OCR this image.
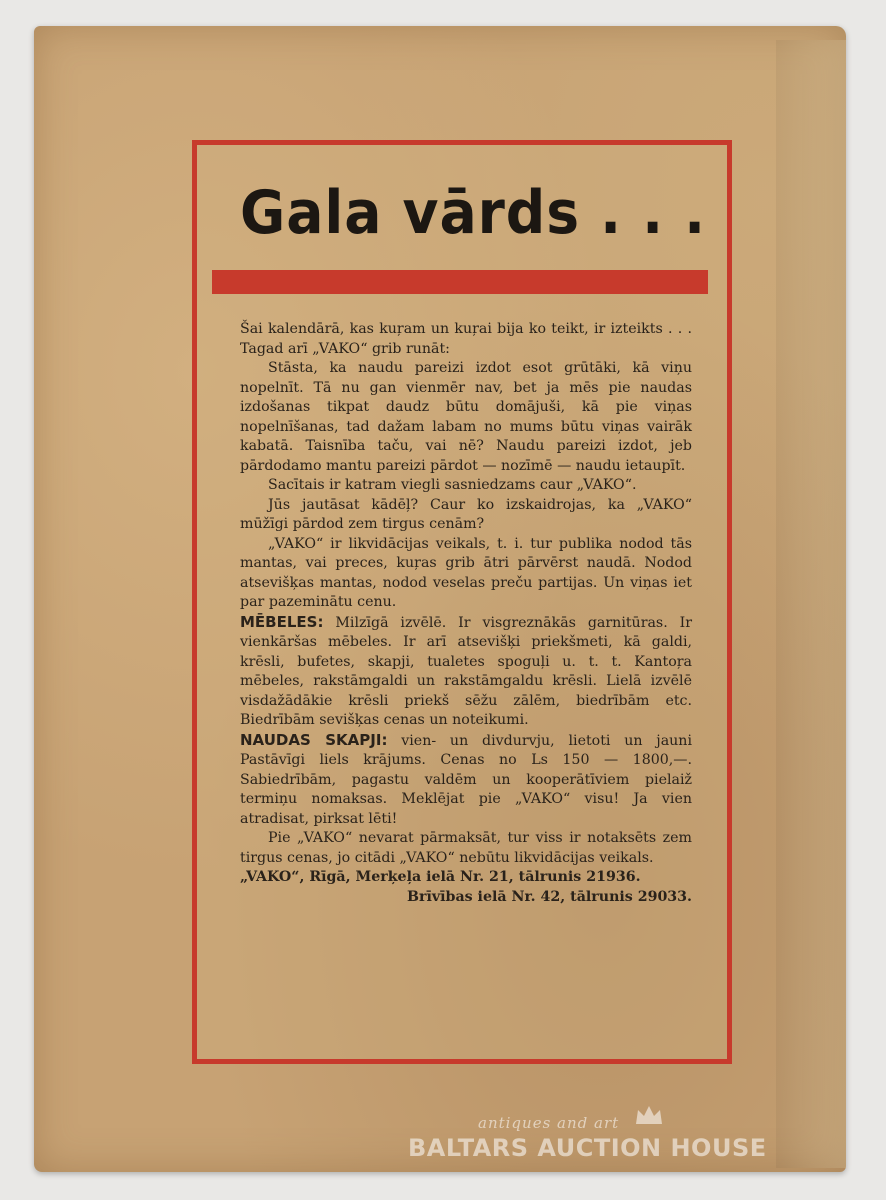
Gala vārds . . .

Šai kalendārā, kas kuŗam un kuŗai bija ko teikt, ir izteikts . . . Tagad arī „VAKO“ grib runāt:

Stāsta, ka naudu pareizi izdot esot grūtāki, kā viņu nopelnīt. Tā nu gan vienmēr nav, bet ja mēs pie naudas izdošanas tikpat daudz būtu domājuši, kā pie viņas nopelnīšanas, tad dažam labam no mums būtu viņas vairāk kabatā. Taisnība taču, vai nē? Naudu pareizi izdot, jeb pārdodamo mantu pareizi pārdot — nozīmē — naudu ietaupīt.

Sacītais ir katram viegli sasniedzams caur „VAKO“.

Jūs jautāsat kādēļ? Caur ko izskaidrojas, ka „VAKO“ mūžīgi pārdod zem tirgus cenām?

„VAKO“ ir likvidācijas veikals, t. i. tur publika nodod tās mantas, vai preces, kuŗas grib ātri pārvērst naudā. Nodod atsevišķas mantas, nodod veselas preču partijas. Un viņas iet par pazeminātu cenu.

MĒBELES: Milzīgā izvēlē. Ir visgreznākās garnitūras. Ir vienkāršas mēbeles. Ir arī atsevišķi priekšmeti, kā galdi, krēsli, bufetes, skapji, tualetes spoguļi u. t. t. Kantoŗa mēbeles, rakstāmgaldi un rakstāmgaldu krēsli. Lielā izvēlē visdažādākie krēsli priekš sēžu zālēm, biedrībām etc. Biedrībām sevišķas cenas un noteikumi.

NAUDAS SKAPJI: vien- un divdurvju, lietoti un jauni Pastāvīgi liels krājums. Cenas no Ls 150 — 1800,—. Sabiedrībām, pagastu valdēm un kooperātīviem pielaiž termiņu nomaksas. Meklējat pie „VAKO“ visu! Ja vien atradisat, pirksat lēti!

Pie „VAKO“ nevarat pārmaksāt, tur viss ir notaksēts zem tirgus cenas, jo citādi „VAKO“ nebūtu likvidācijas veikals.

„VAKO“, Rīgā, Merķeļa ielā Nr. 21, tālrunis 21936.

Brīvības ielā Nr. 42, tālrunis 29033.

antiques and art
BALTARS AUCTION HOUSE
